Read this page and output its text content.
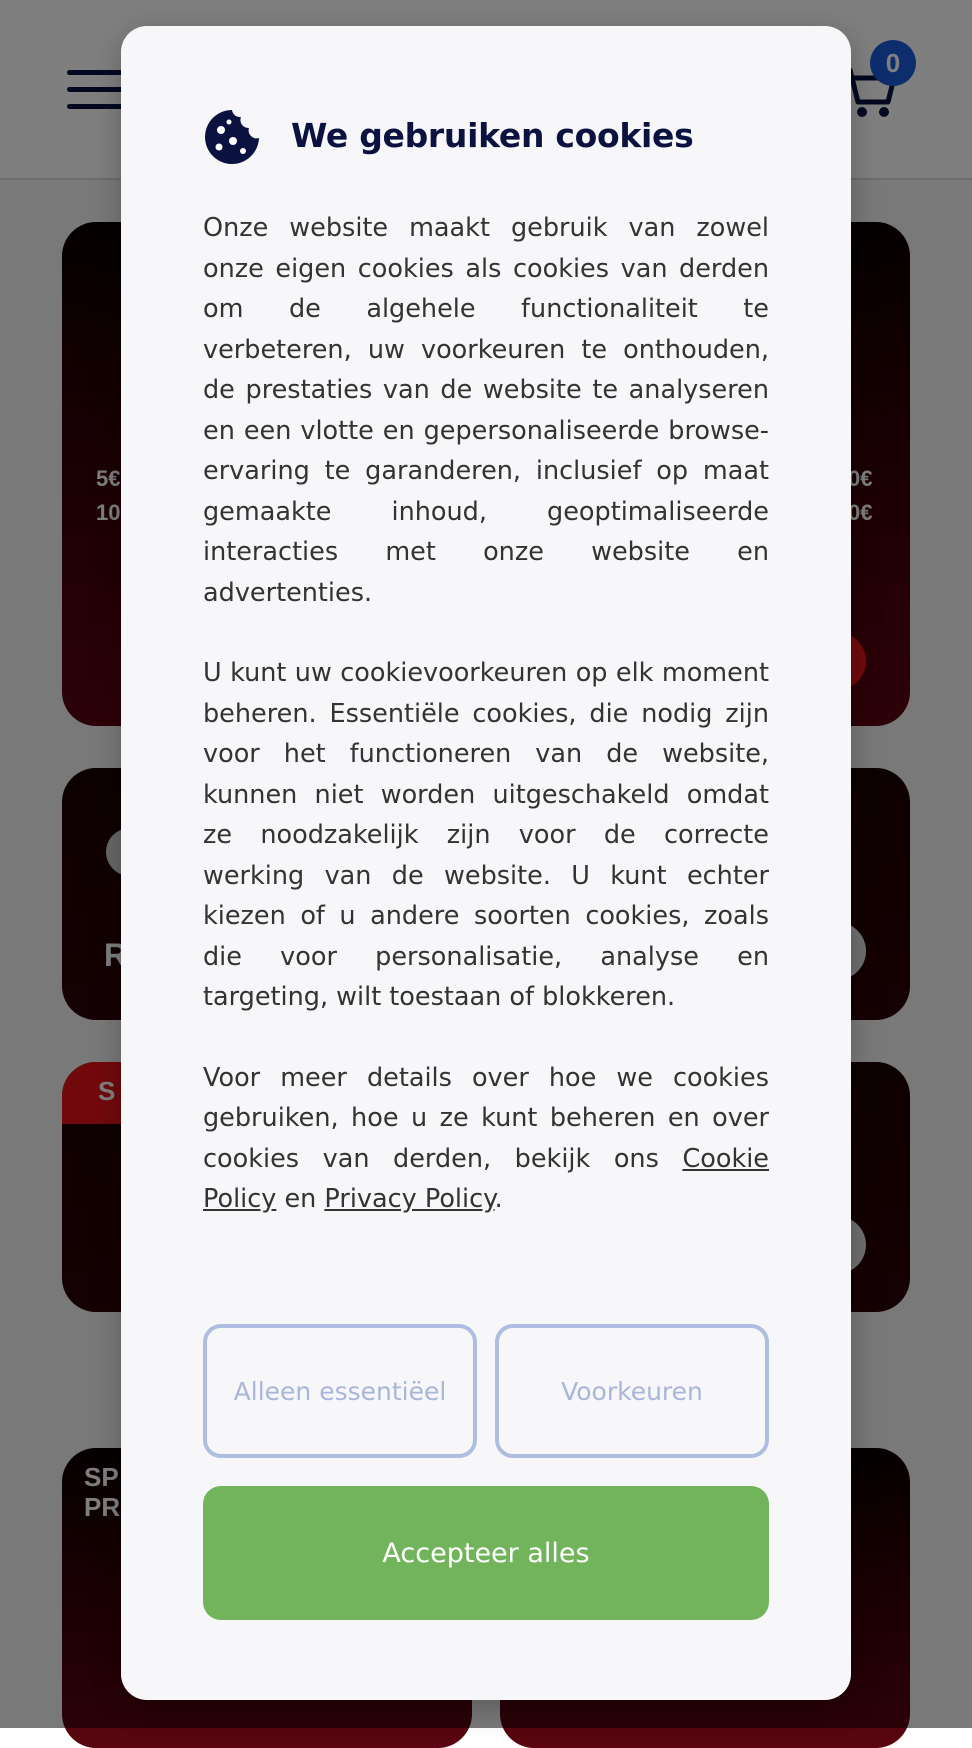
We gebruiken cookies

Onze website maakt gebruik van zowel onze eigen cookies als cookies van derden om de algehele functionaliteit te verbeteren, uw voorkeuren te onthouden, de prestaties van de website te analyseren en een vlotte en gepersonaliseerde browse-ervaring te garanderen, inclusief op maat gemaakte inhoud, geoptimaliseerde interacties met onze website en advertenties.

U kunt uw cookievoorkeuren op elk moment beheren. Essentiële cookies, die nodig zijn voor het functioneren van de website, kunnen niet worden uitgeschakeld omdat ze noodzakelijk zijn voor de correcte werking van de website. U kunt echter kiezen of u andere soorten cookies, zoals die voor personalisatie, analyse en targeting, wilt toestaan of blokkeren.

Voor meer details over hoe we cookies gebruiken, hoe u ze kunt beheren en over cookies van derden, bekijk ons Cookie Policy en Privacy Policy.

Alleen essentiëel	Voorkeuren
Accepteer alles
